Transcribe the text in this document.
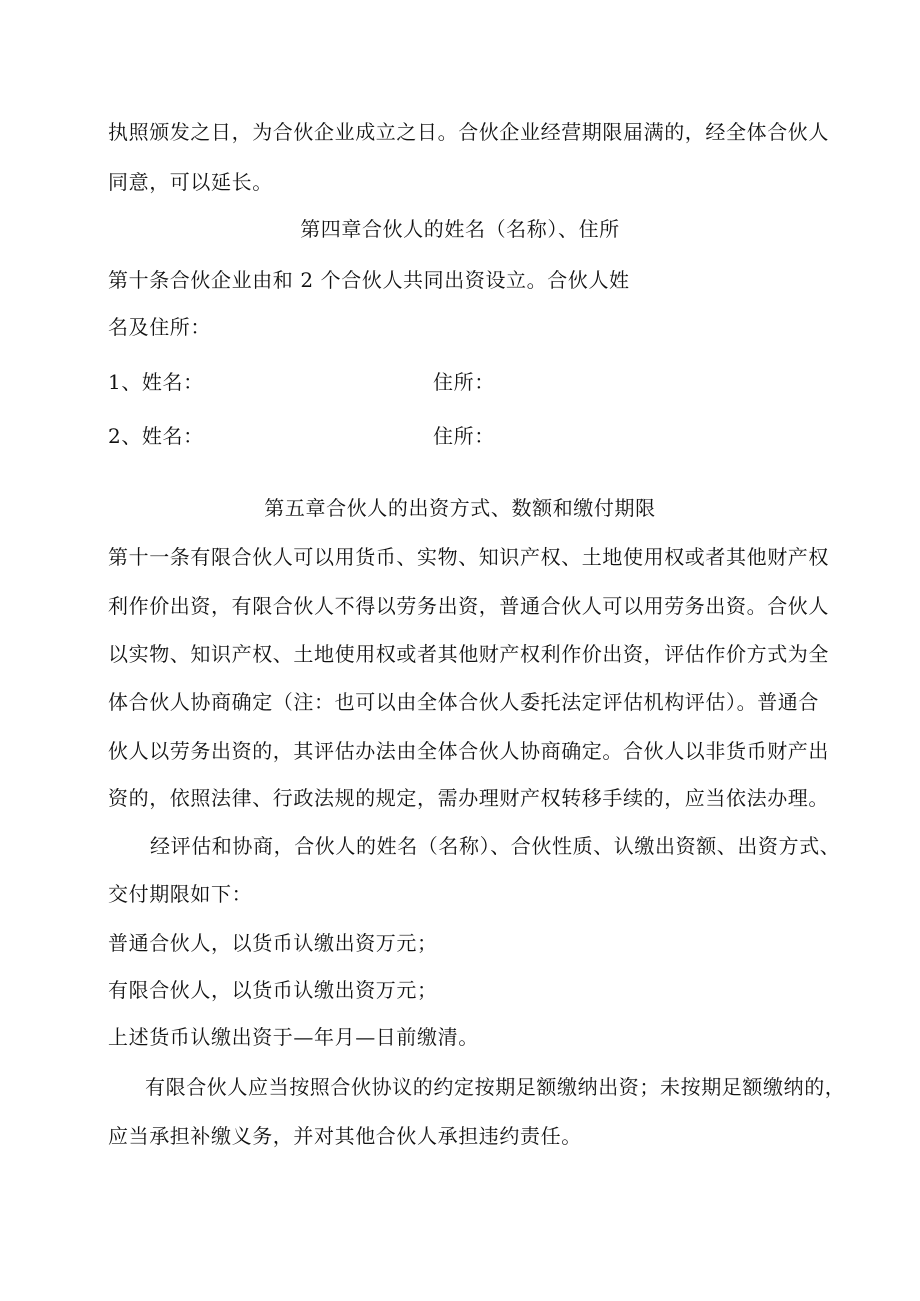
执照颁发之日，为合伙企业成立之日。合伙企业经营期限届满的，经全体合伙人
同意，可以延长。
第四章合伙人的姓名（名称）、住所
第十条合伙企业由和 2 个合伙人共同出资设立。合伙人姓
名及住所：
1、姓名：	住所：
2、姓名：	住所：
第五章合伙人的出资方式、数额和缴付期限
第十一条有限合伙人可以用货币、实物、知识产权、土地使用权或者其他财产权
利作价出资，有限合伙人不得以劳务出资，普通合伙人可以用劳务出资。合伙人
以实物、知识产权、土地使用权或者其他财产权利作价出资，评估作价方式为全
体合伙人协商确定（注：也可以由全体合伙人委托法定评估机构评估）。普通合
伙人以劳务出资的，其评估办法由全体合伙人协商确定。合伙人以非货币财产出
资的，依照法律、行政法规的规定，需办理财产权转移手续的，应当依法办理。
经评估和协商，合伙人的姓名（名称）、合伙性质、认缴出资额、出资方式、
交付期限如下：
普通合伙人，以货币认缴出资万元；
有限合伙人，以货币认缴出资万元；
上述货币认缴出资于—年月—日前缴清。
有限合伙人应当按照合伙协议的约定按期足额缴纳出资；未按期足额缴纳的，
应当承担补缴义务，并对其他合伙人承担违约责任。
